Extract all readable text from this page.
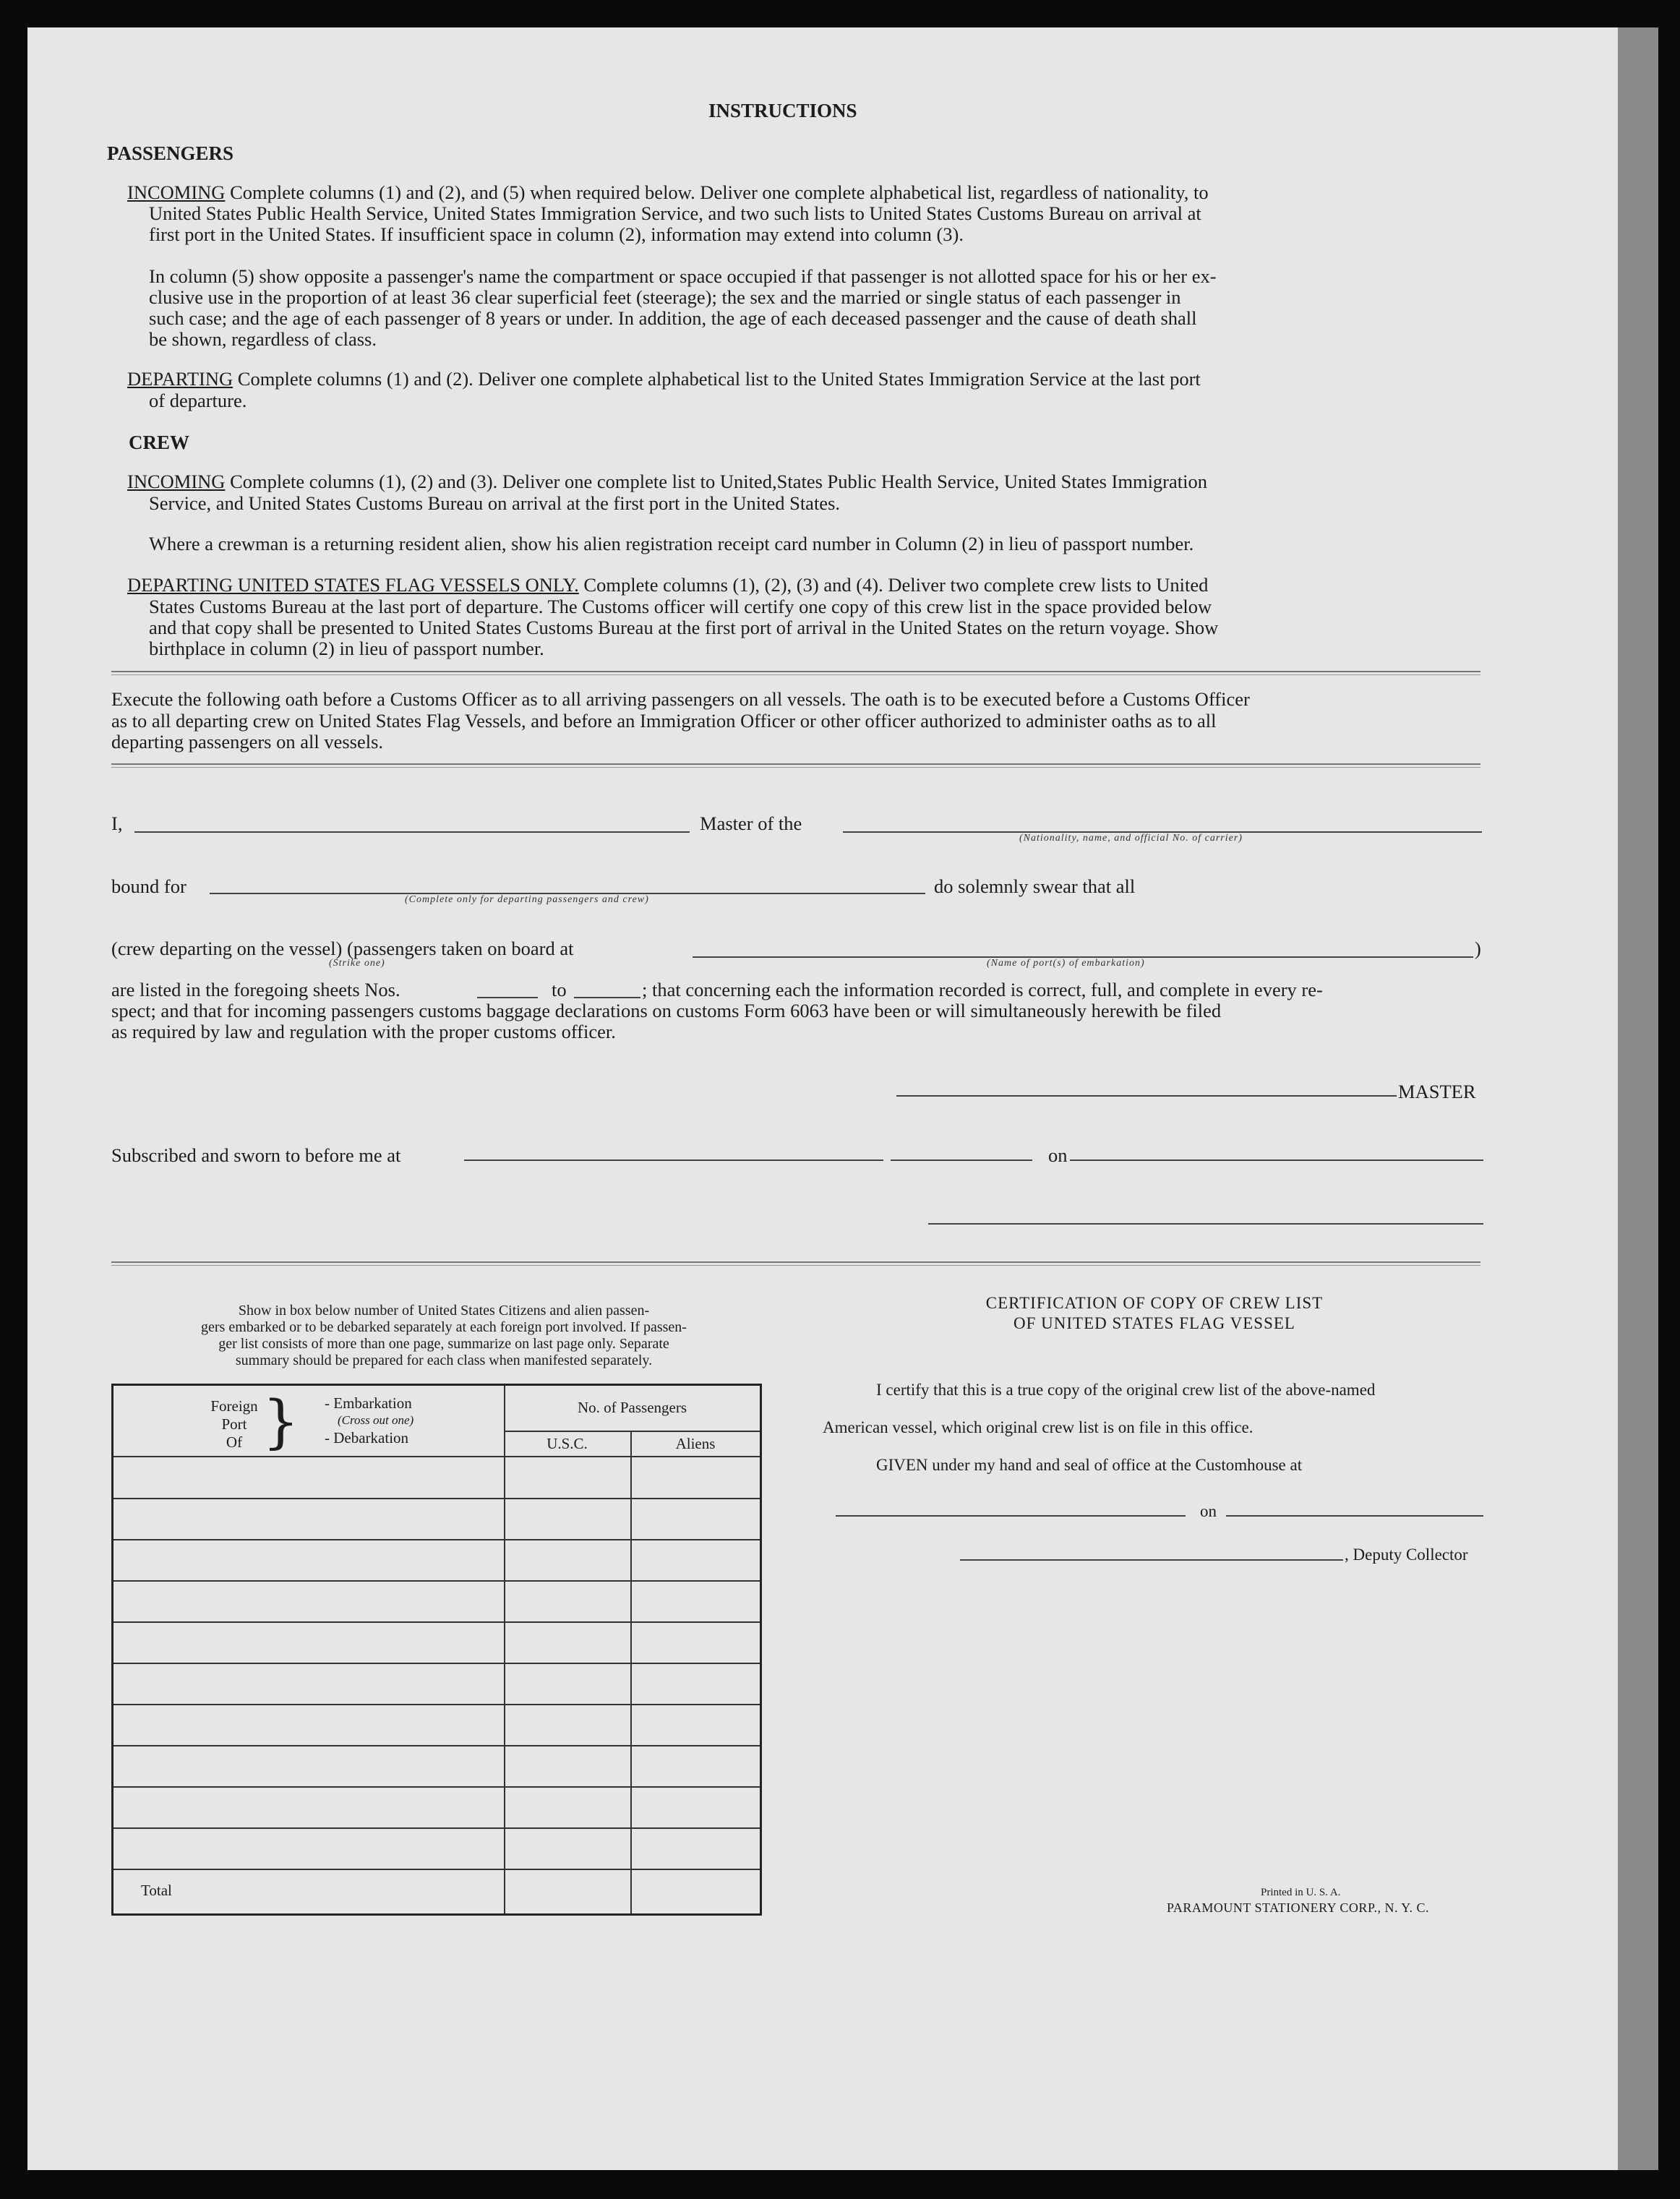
INSTRUCTIONS
PASSENGERS
INCOMING Complete columns (1) and (2), and (5) when required below. Deliver one complete alphabetical list, regardless of nationality, to
United States Public Health Service, United States Immigration Service, and two such lists to United States Customs Bureau on arrival at
first port in the United States. If insufficient space in column (2), information may extend into column (3).
In column (5) show opposite a passenger's name the compartment or space occupied if that passenger is not allotted space for his or her ex-
clusive use in the proportion of at least 36 clear superficial feet (steerage); the sex and the married or single status of each passenger in
such case; and the age of each passenger of 8 years or under. In addition, the age of each deceased passenger and the cause of death shall
be shown, regardless of class.
DEPARTING Complete columns (1) and (2). Deliver one complete alphabetical list to the United States Immigration Service at the last port
of departure.
CREW
INCOMING Complete columns (1), (2) and (3). Deliver one complete list to United,States Public Health Service, United States Immigration
Service, and United States Customs Bureau on arrival at the first port in the United States.
Where a crewman is a returning resident alien, show his alien registration receipt card number in Column (2) in lieu of passport number.
DEPARTING UNITED STATES FLAG VESSELS ONLY. Complete columns (1), (2), (3) and (4). Deliver two complete crew lists to United
States Customs Bureau at the last port of departure. The Customs officer will certify one copy of this crew list in the space provided below
and that copy shall be presented to United States Customs Bureau at the first port of arrival in the United States on the return voyage. Show
birthplace in column (2) in lieu of passport number.
Execute the following oath before a Customs Officer as to all arriving passengers on all vessels. The oath is to be executed before a Customs Officer
as to all departing crew on United States Flag Vessels, and before an Immigration Officer or other officer authorized to administer oaths as to all
departing passengers on all vessels.
I,	Master of the
(Nationality, name, and official No. of carrier)
bound for
(Complete only for departing passengers and crew)
do solemnly swear that all
(crew departing on the vessel) (passengers taken on board at	)
(Strike one)	(Name of port(s) of embarkation)
are listed in the foregoing sheets Nos.	to	; that concerning each the information recorded is correct, full, and complete in every re-
spect; and that for incoming passengers customs baggage declarations on customs Form 6063 have been or will simultaneously herewith be filed
as required by law and regulation with the proper customs officer.
MASTER
Subscribed and sworn to before me at	on
Show in box below number of United States Citizens and alien passen-
gers embarked or to be debarked separately at each foreign port involved. If passen-
ger list consists of more than one page, summarize on last page only. Separate
summary should be prepared for each class when manifested separately.
Foreign
Port
Of } - Embarkation
(Cross out one)
- Debarkation
No. of Passengers
U.S.C.	Aliens
Total
CERTIFICATION OF COPY OF CREW LIST
OF UNITED STATES FLAG VESSEL
I certify that this is a true copy of the original crew list of the above-named
American vessel, which original crew list is on file in this office.
GIVEN under my hand and seal of office at the Customhouse at
on
, Deputy Collector
Printed in U. S. A.
PARAMOUNT STATIONERY CORP., N. Y. C.
